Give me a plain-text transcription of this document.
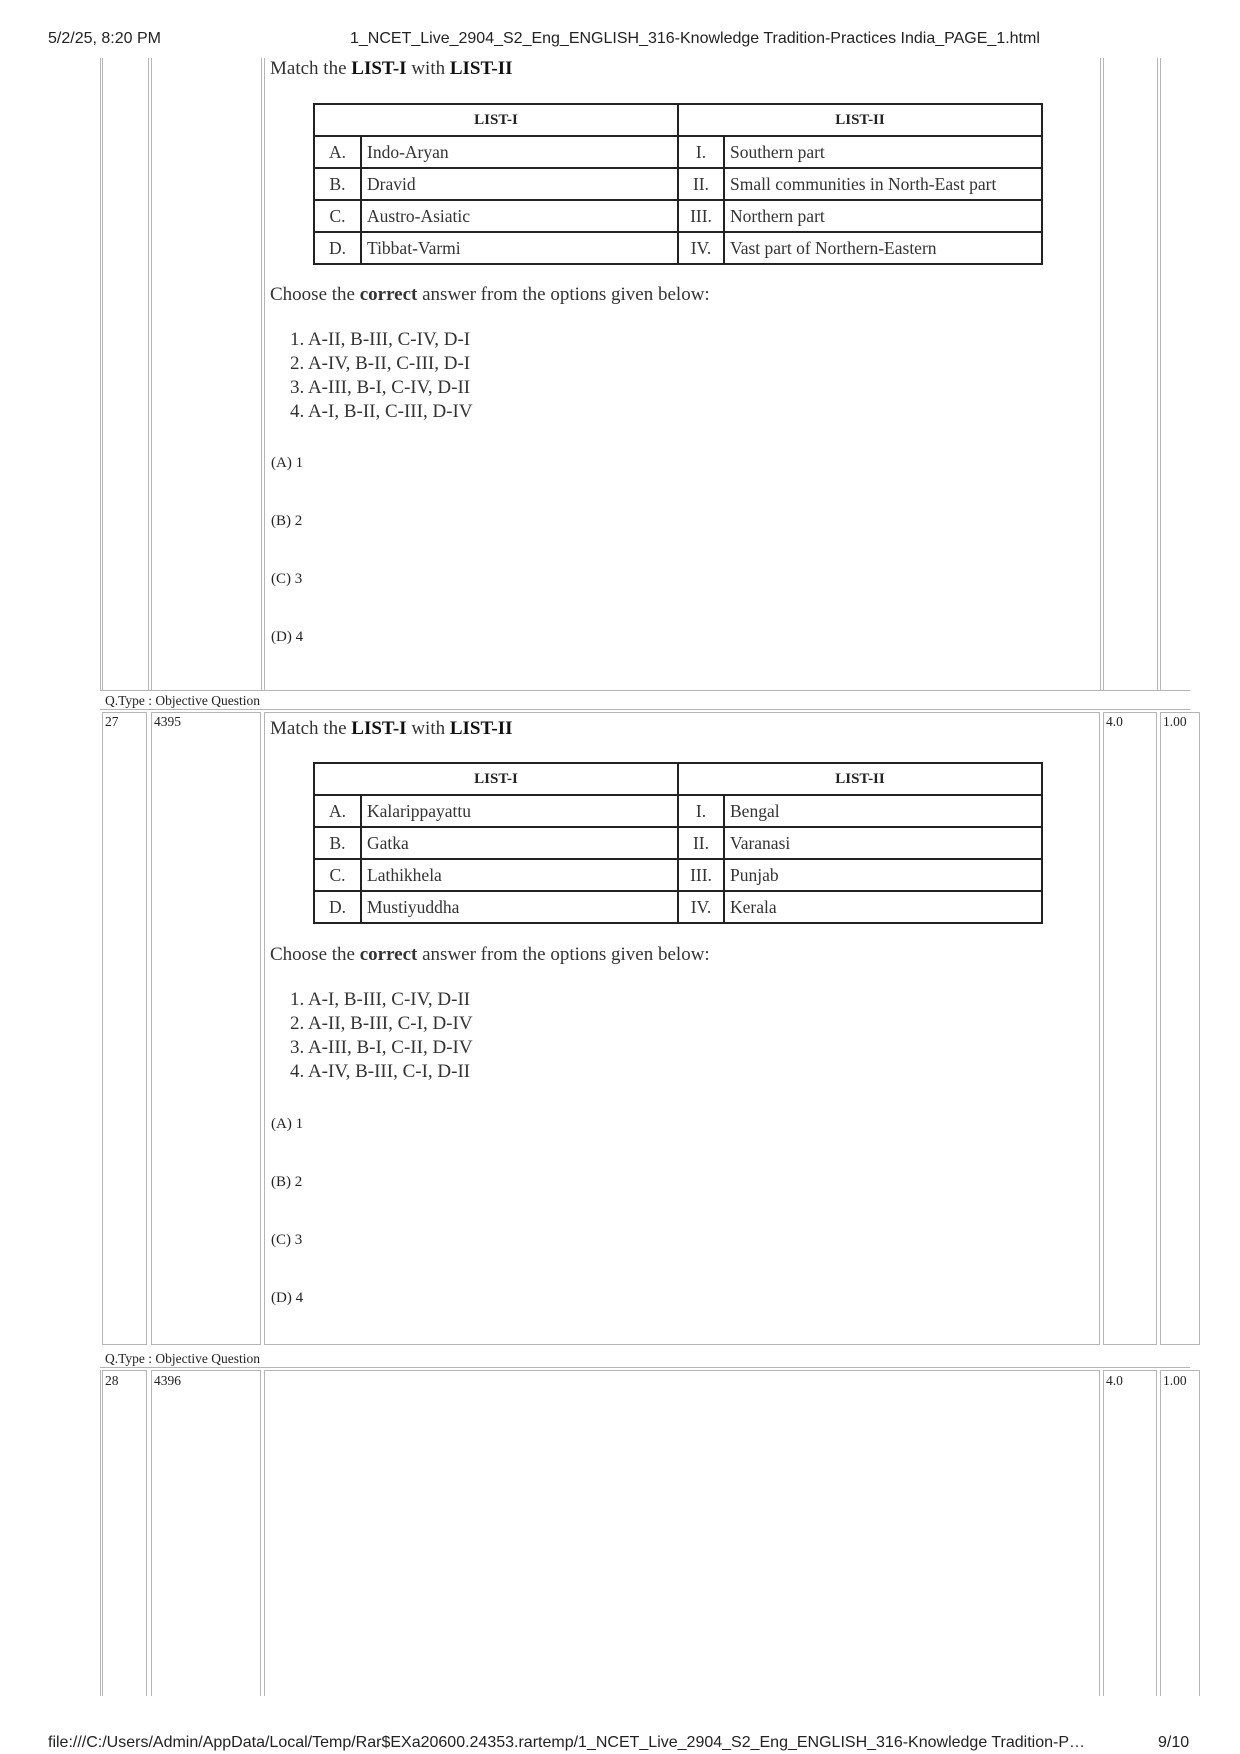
5/2/25, 8:20 PM	1_NCET_Live_2904_S2_Eng_ENGLISH_316-Knowledge Tradition-Practices India_PAGE_1.html
Match the LIST-I with LIST-II
LIST-I		LIST-II	
A.	Indo-Aryan	I.	Southern part
B.	Dravid	II.	Small communities in North-East part
C.	Austro-Asiatic	III.	Northern part
D.	Tibbat-Varmi	IV.	Vast part of Northern-Eastern
Choose the correct answer from the options given below:
1. A-II, B-III, C-IV, D-I
2. A-IV, B-II, C-III, D-I
3. A-III, B-I, C-IV, D-II
4. A-I, B-II, C-III, D-IV
(A) 1
(B) 2
(C) 3
(D) 4
Q.Type : Objective Question
27	4395	4.0	1.00
Match the LIST-I with LIST-II
LIST-I		LIST-II	
A.	Kalarippayattu	I.	Bengal
B.	Gatka	II.	Varanasi
C.	Lathikhela	III.	Punjab
D.	Mustiyuddha	IV.	Kerala
Choose the correct answer from the options given below:
1. A-I, B-III, C-IV, D-II
2. A-II, B-III, C-I, D-IV
3. A-III, B-I, C-II, D-IV
4. A-IV, B-III, C-I, D-II
(A) 1
(B) 2
(C) 3
(D) 4
Q.Type : Objective Question
28	4396	4.0	1.00
file:///C:/Users/Admin/AppData/Local/Temp/Rar$EXa20600.24353.rartemp/1_NCET_Live_2904_S2_Eng_ENGLISH_316-Knowledge Tradition-P…	9/10
